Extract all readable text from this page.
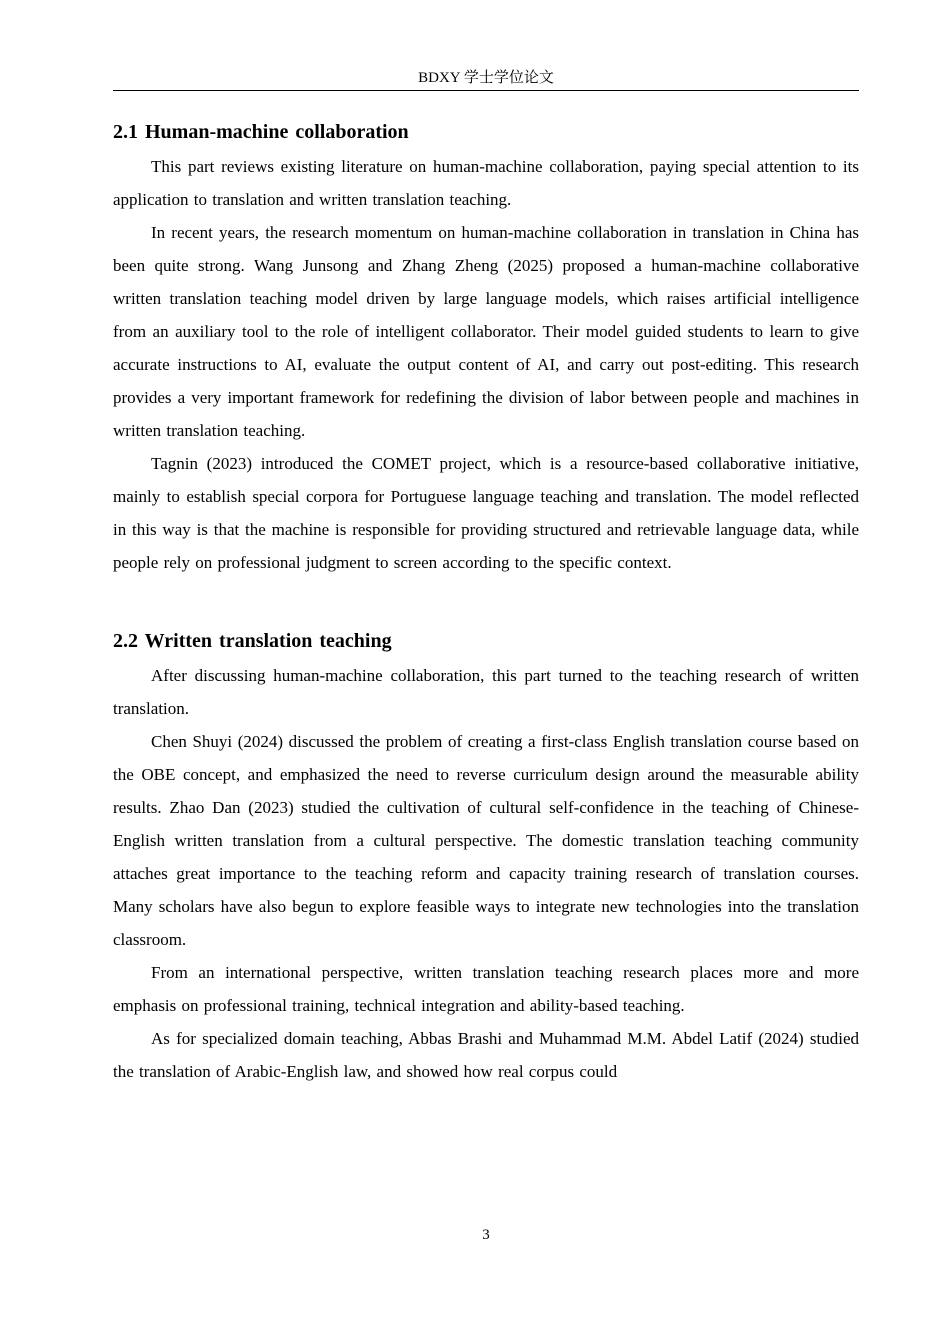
BDXY 学士学位论文
2.1 Human-machine collaboration

This part reviews existing literature on human-machine collaboration, paying special attention to its application to translation and written translation teaching.

In recent years, the research momentum on human-machine collaboration in translation in China has been quite strong. Wang Junsong and Zhang Zheng (2025) proposed a human-machine collaborative written translation teaching model driven by large language models, which raises artificial intelligence from an auxiliary tool to the role of intelligent collaborator. Their model guided students to learn to give accurate instructions to AI, evaluate the output content of AI, and carry out post-editing. This research provides a very important framework for redefining the division of labor between people and machines in written translation teaching.

Tagnin (2023) introduced the COMET project, which is a resource-based collaborative initiative, mainly to establish special corpora for Portuguese language teaching and translation. The model reflected in this way is that the machine is responsible for providing structured and retrievable language data, while people rely on professional judgment to screen according to the specific context.

2.2 Written translation teaching

After discussing human-machine collaboration, this part turned to the teaching research of written translation.

Chen Shuyi (2024) discussed the problem of creating a first-class English translation course based on the OBE concept, and emphasized the need to reverse curriculum design around the measurable ability results. Zhao Dan (2023) studied the cultivation of cultural self-confidence in the teaching of Chinese-English written translation from a cultural perspective. The domestic translation teaching community attaches great importance to the teaching reform and capacity training research of translation courses. Many scholars have also begun to explore feasible ways to integrate new technologies into the translation classroom.

From an international perspective, written translation teaching research places more and more emphasis on professional training, technical integration and ability-based teaching.

As for specialized domain teaching, Abbas Brashi and Muhammad M.M. Abdel Latif (2024) studied the translation of Arabic-English law, and showed how real corpus could

3
